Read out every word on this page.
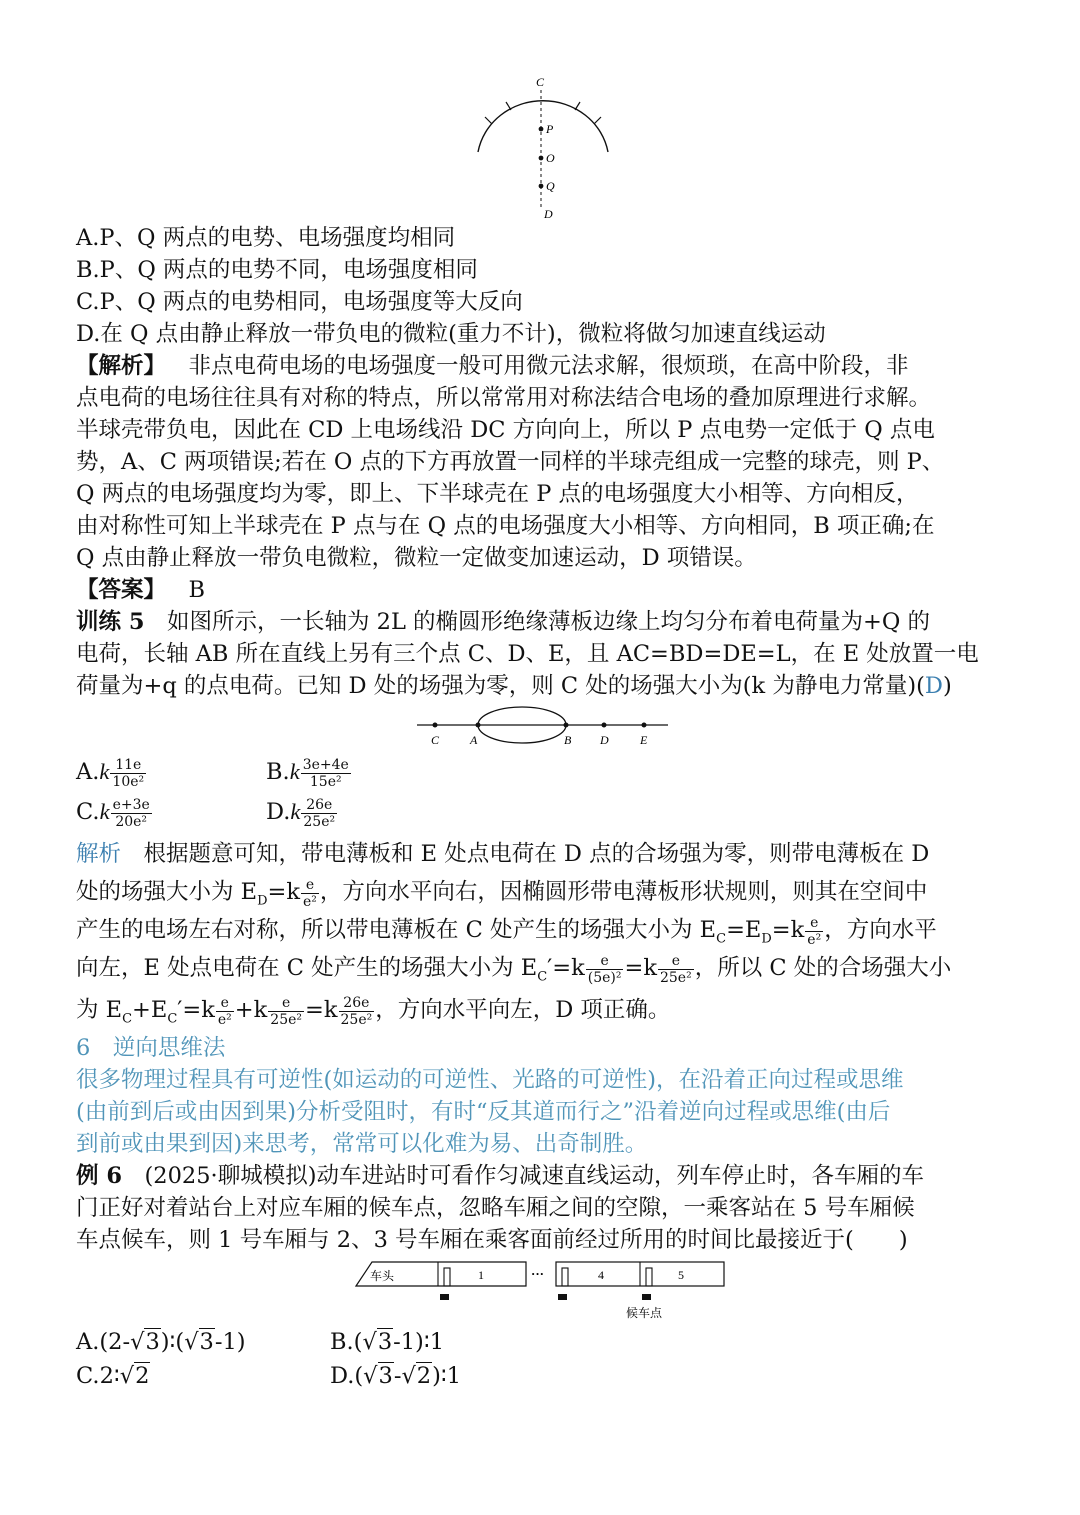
C
P
O
Q
D
A.P、Q 两点的电势、电场强度均相同
B.P、Q 两点的电势不同，电场强度相同
C.P、Q 两点的电势相同，电场强度等大反向
D.在 Q 点由静止释放一带负电的微粒(重力不计)，微粒将做匀加速直线运动
【解析】  非点电荷电场的电场强度一般可用微元法求解，很烦琐，在高中阶段，非
点电荷的电场往往具有对称的特点，所以常常用对称法结合电场的叠加原理进行求解。
半球壳带负电，因此在 CD 上电场线沿 DC 方向向上，所以 P 点电势一定低于 Q 点电
势，A、C 两项错误;若在 O 点的下方再放置一同样的半球壳组成一完整的球壳，则 P、
Q 两点的电场强度均为零，即上、下半球壳在 P 点的电场强度大小相等、方向相反，
由对称性可知上半球壳在 P 点与在 Q 点的电场强度大小相等、方向相同，B 项正确;在
Q 点由静止释放一带负电微粒，微粒一定做变加速运动，D 项错误。
【答案】  B
训练 5  如图所示，一长轴为 2L 的椭圆形绝缘薄板边缘上均匀分布着电荷量为+Q 的
电荷，长轴 AB 所在直线上另有三个点 C、D、E，且 AC=BD=DE=L，在 E 处放置一电
荷量为+q 的点电荷。已知 D 处的场强为零，则 C 处的场强大小为(k 为静电力常量)(D)
C	A	B D	E
$A.k \frac{11e}{\text{10e²}}$	$B.k \frac{3e+4e}{\text{15e²}}$
$C.k \frac{e+3e}{\text{20e²}}$	$D.k \frac{26e}{\text{25e²}}$
解析  根据题意可知，带电薄板和 E 处点电荷在 D 点的合场强为零，则带电薄板在 D
处的场强大小为 $E_D=k \frac{e}{\text{e²}}$ ，方向水平向右，因椭圆形带电薄板形状规则，则其在空间中
产生的电场左右对称，所以带电薄板在 C 处产生的场强大小为 $E_C=E_D=k \frac{e}{\text{e²}}$ ，方向水平
向左，E 处点电荷在 C 处产生的场强大小为 $E_C'=k \frac{e}{\text{(5e)²}} =k \frac{e}{\text{25e²}}$ ，所以 C 处的合场强大小
为 $E_C+E_C'=k \frac{e}{\text{e²}} +k \frac{e}{\text{25e²}} =k \frac{26e}{\text{25e²}}$ ，方向水平向左，D 项正确。
6　逆向思维法
很多物理过程具有可逆性(如运动的可逆性、光路的可逆性)，在沿着正向过程或思维
(由前到后或由因到果)分析受阻时，有时“反其道而行之”沿着逆向过程或思维(由后
到前或由果到因)来思考，常常可以化难为易、出奇制胜。
例 6  (2025·聊城模拟)动车进站时可看作匀减速直线运动，列车停止时，各车厢的车
门正好对着站台上对应车厢的候车点，忽略车厢之间的空隙，一乘客站在 5 号车厢候
车点候车，则 1 号车厢与 2、3 号车厢在乘客面前经过所用的时间比最接近于(　　)
车头	1	···	4	5
候车点
A.(2-√3)∶(√3-1)	B.(√3-1)∶1
C.2∶√2	D.(√3-√2)∶1
